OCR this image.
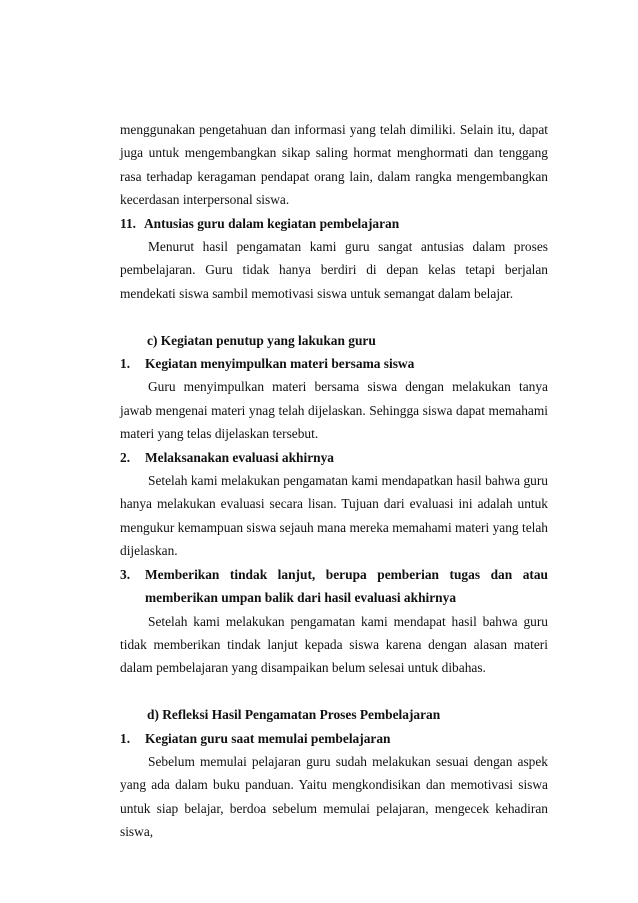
menggunakan pengetahuan dan informasi yang telah dimiliki. Selain itu, dapat juga untuk mengembangkan sikap saling hormat menghormati dan tenggang rasa terhadap keragaman pendapat orang lain, dalam rangka mengembangkan kecerdasan interpersonal siswa.

11. Antusias guru dalam kegiatan pembelajaran

Menurut hasil pengamatan kami guru sangat antusias dalam proses pembelajaran. Guru tidak hanya berdiri di depan kelas tetapi berjalan mendekati siswa sambil memotivasi siswa untuk semangat dalam belajar.

c) Kegiatan penutup yang lakukan guru

1.	Kegiatan menyimpulkan materi bersama siswa

Guru menyimpulkan materi bersama siswa dengan melakukan tanya jawab mengenai materi ynag telah dijelaskan. Sehingga siswa dapat memahami materi yang telas dijelaskan tersebut.

2.	Melaksanakan evaluasi akhirnya

Setelah kami melakukan pengamatan kami mendapatkan hasil bahwa guru hanya melakukan evaluasi secara lisan. Tujuan dari evaluasi ini adalah untuk mengukur kemampuan siswa sejauh mana mereka memahami materi yang telah dijelaskan.

3.	Memberikan tindak lanjut, berupa pemberian tugas dan atau memberikan umpan balik dari hasil evaluasi akhirnya

Setelah kami melakukan pengamatan kami mendapat hasil bahwa guru tidak memberikan tindak lanjut kepada siswa karena dengan alasan materi dalam pembelajaran yang disampaikan belum selesai untuk dibahas.

d) Refleksi Hasil Pengamatan Proses Pembelajaran

1.	Kegiatan guru saat memulai pembelajaran

Sebelum memulai pelajaran guru sudah melakukan sesuai dengan aspek yang ada dalam buku panduan. Yaitu mengkondisikan dan memotivasi siswa untuk siap belajar, berdoa sebelum memulai pelajaran, mengecek kehadiran siswa,
